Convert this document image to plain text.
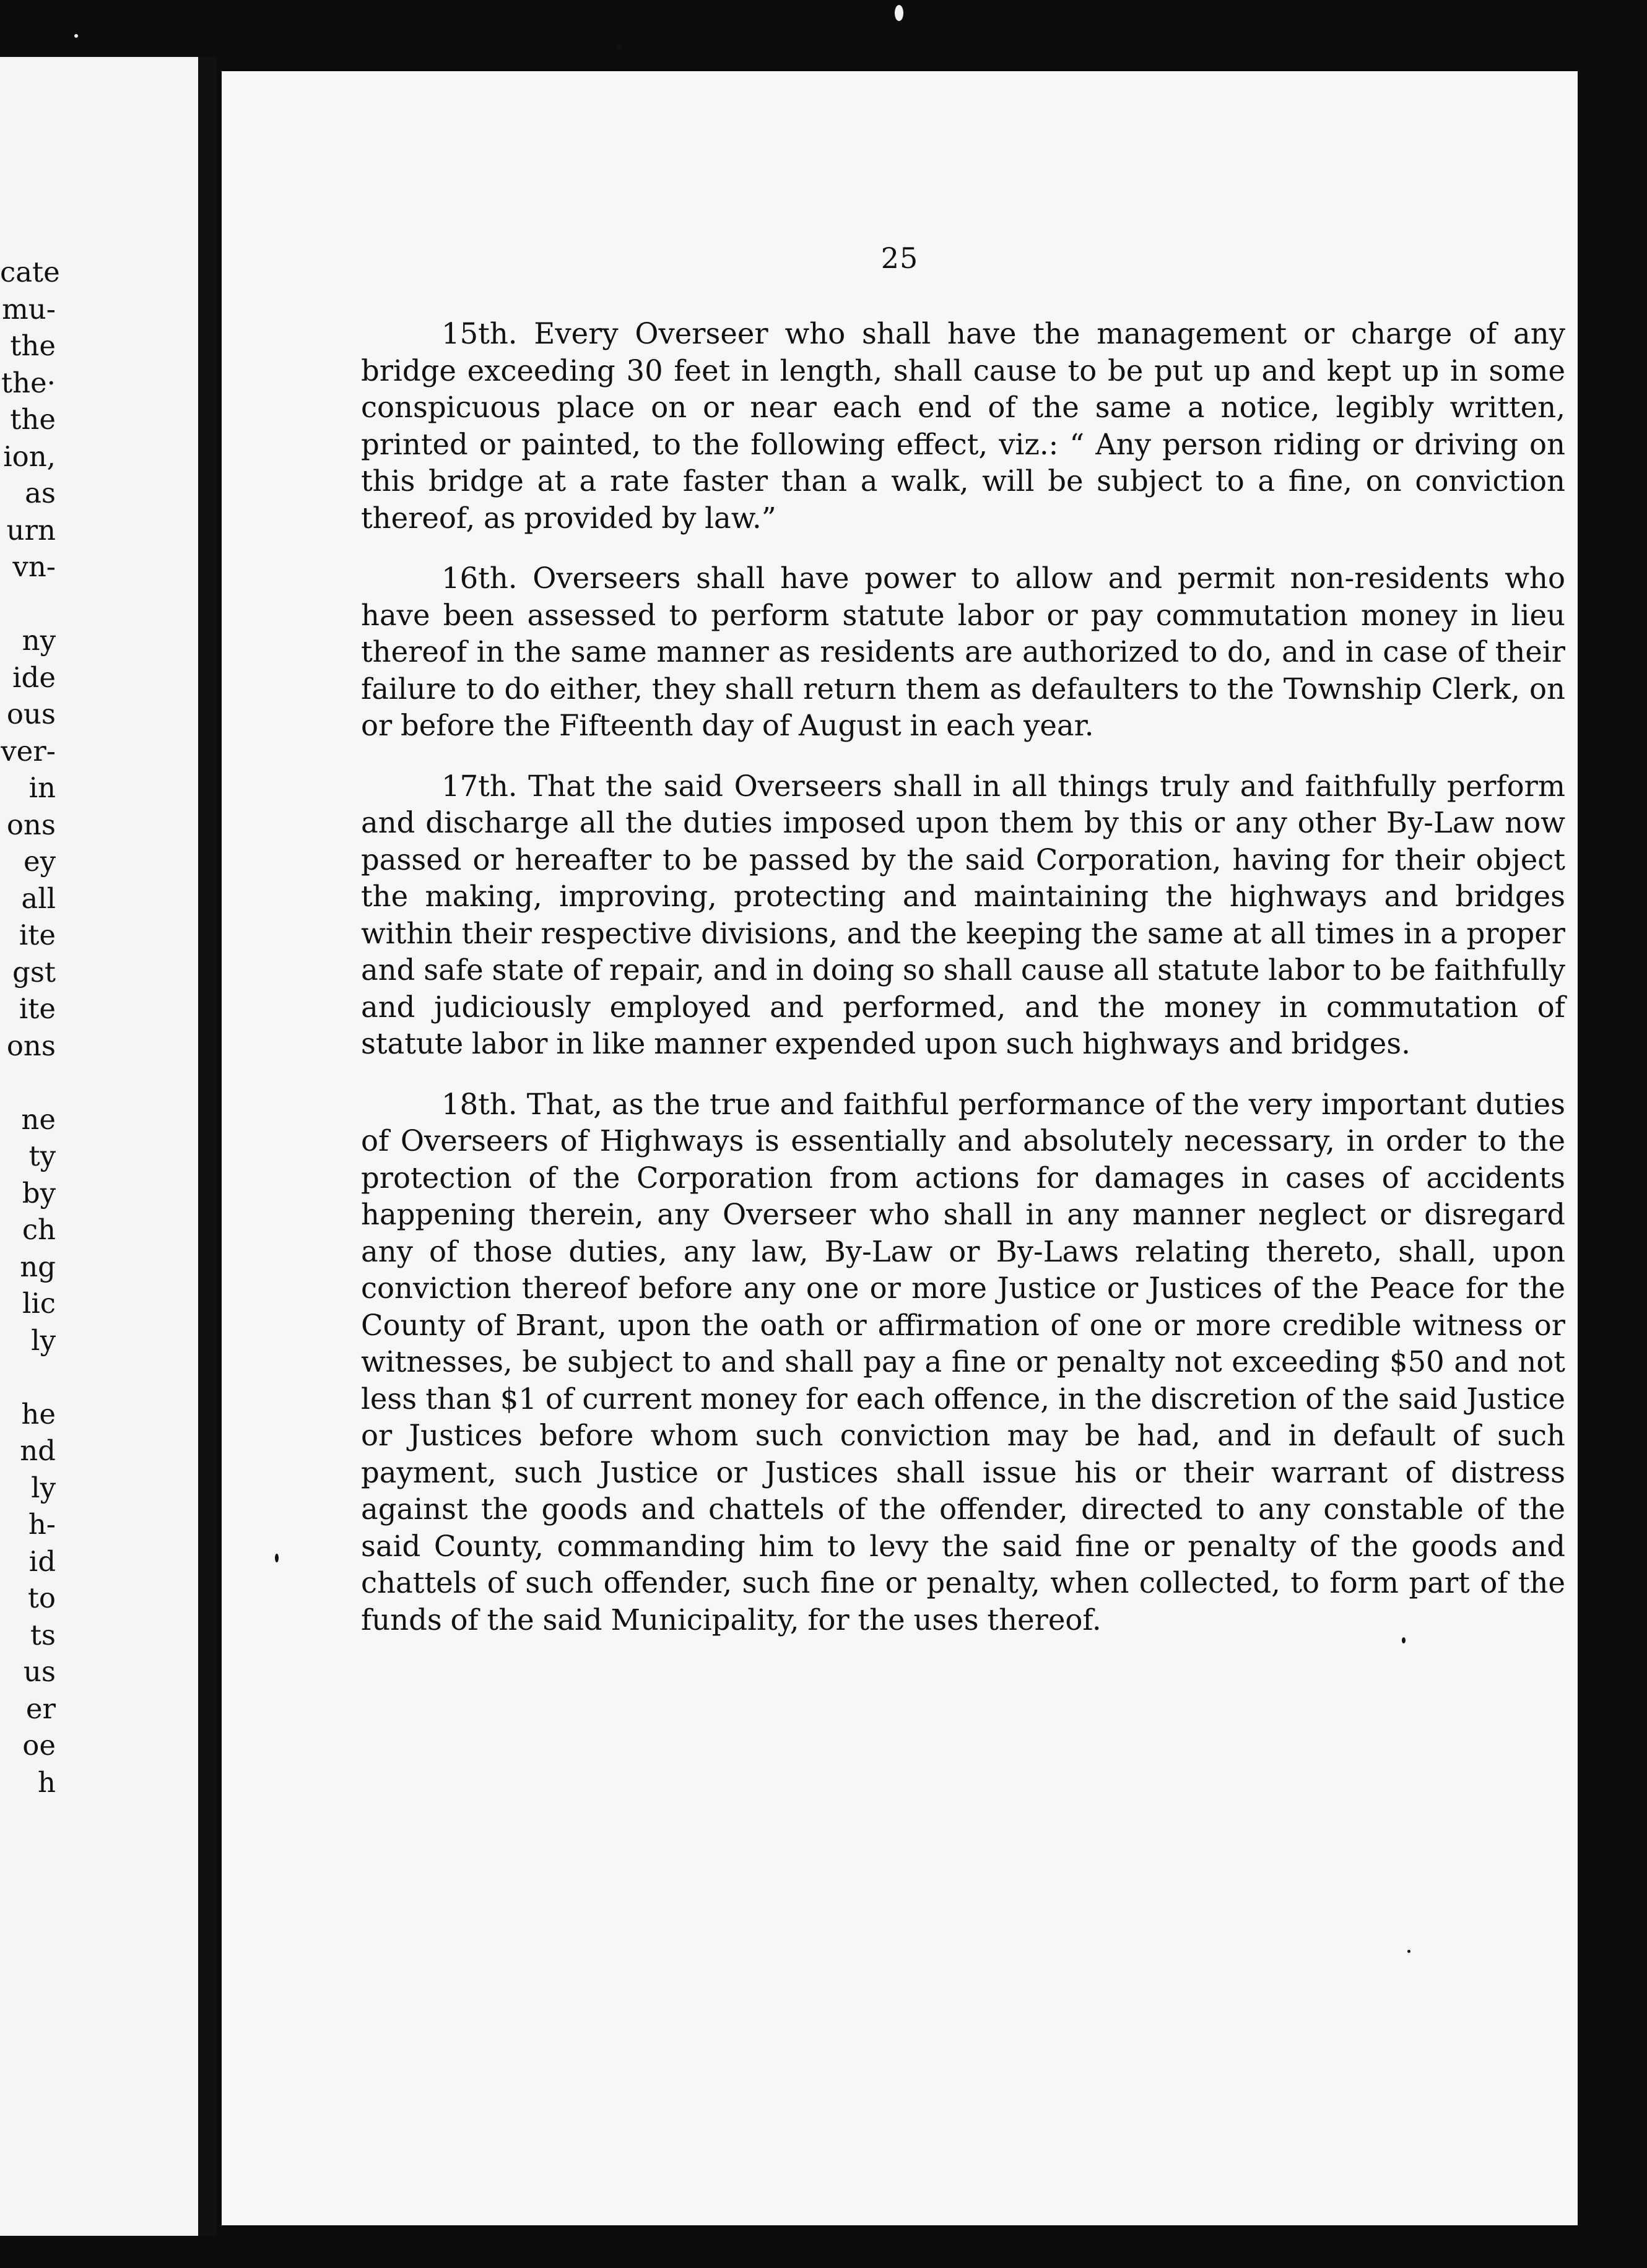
cate
mu-
the
the·
the
ion,
as
urn
vn-
ny
ide
ous
ver-
in
ons
ey
all
ite
gst
ite
ons
ne
ty
by
ch
ng
lic
ly
he
nd
ly
h-
id
to
ts
us
er
oe
h
25

15th. Every Overseer who shall have the management or charge of any bridge exceeding 30 feet in length, shall cause to be put up and kept up in some conspicuous place on or near each end of the same a notice, legibly written, printed or painted, to the following effect, viz.: “ Any person riding or driving on this bridge at a rate faster than a walk, will be subject to a fine, on conviction thereof, as provided by law.”

16th. Overseers shall have power to allow and permit non-residents who have been assessed to perform statute labor or pay commutation money in lieu thereof in the same manner as residents are authorized to do, and in case of their failure to do either, they shall return them as defaulters to the Township Clerk, on or before the Fifteenth day of August in each year.

17th. That the said Overseers shall in all things truly and faithfully perform and discharge all the duties imposed upon them by this or any other By-Law now passed or hereafter to be passed by the said Corporation, having for their object the making, improving, protecting and maintaining the highways and bridges within their respective divisions, and the keeping the same at all times in a proper and safe state of repair, and in doing so shall cause all statute labor to be faithfully and judiciously employed and performed, and the money in commutation of statute labor in like manner expended upon such highways and bridges.

18th. That, as the true and faithful performance of the very important duties of Overseers of Highways is essentially and absolutely necessary, in order to the protection of the Corporation from actions for damages in cases of accidents happening therein, any Overseer who shall in any manner neglect or disregard any of those duties, any law, By-Law or By-Laws relating thereto, shall, upon conviction thereof before any one or more Justice or Justices of the Peace for the County of Brant, upon the oath or affirmation of one or more credible witness or witnesses, be subject to and shall pay a fine or penalty not exceeding $50 and not less than $1 of current money for each offence, in the discretion of the said Justice or Justices before whom such conviction may be had, and in default of such payment, such Justice or Justices shall issue his or their warrant of distress against the goods and chattels of the offender, directed to any constable of the said County, commanding him to levy the said fine or penalty of the goods and chattels of such offender, such fine or penalty, when collected, to form part of the funds of the said Municipality, for the uses thereof.
